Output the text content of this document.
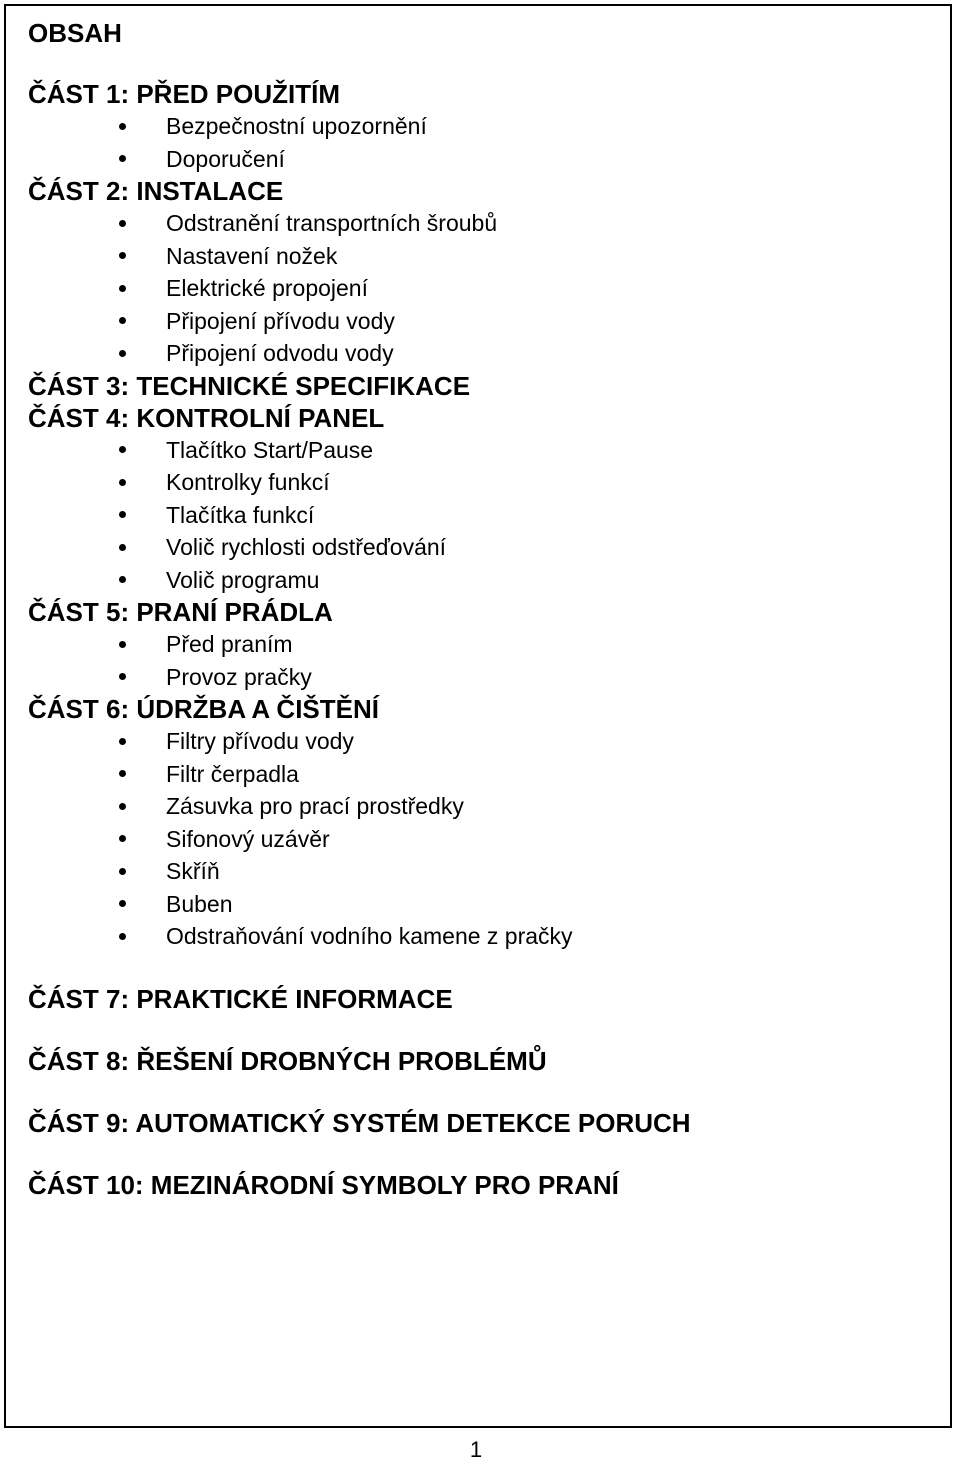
OBSAH
ČÁST 1: PŘED POUŽITÍM
Bezpečnostní upozornění
Doporučení
ČÁST 2: INSTALACE
Odstranění transportních šroubů
Nastavení nožek
Elektrické propojení
Připojení přívodu vody
Připojení odvodu vody
ČÁST 3: TECHNICKÉ SPECIFIKACE
ČÁST 4: KONTROLNÍ PANEL
Tlačítko Start/Pause
Kontrolky funkcí
Tlačítka funkcí
Volič rychlosti odstřeďování
Volič programu
ČÁST 5: PRANÍ PRÁDLA
Před praním
Provoz pračky
ČÁST 6: ÚDRŽBA A ČIŠTĚNÍ
Filtry přívodu vody
Filtr čerpadla
Zásuvka pro prací prostředky
Sifonový uzávěr
Skříň
Buben
Odstraňování vodního kamene z pračky
ČÁST 7: PRAKTICKÉ INFORMACE
ČÁST 8: ŘEŠENÍ DROBNÝCH PROBLÉMŮ
ČÁST 9: AUTOMATICKÝ SYSTÉM DETEKCE PORUCH
ČÁST 10: MEZINÁRODNÍ SYMBOLY PRO PRANÍ
1
